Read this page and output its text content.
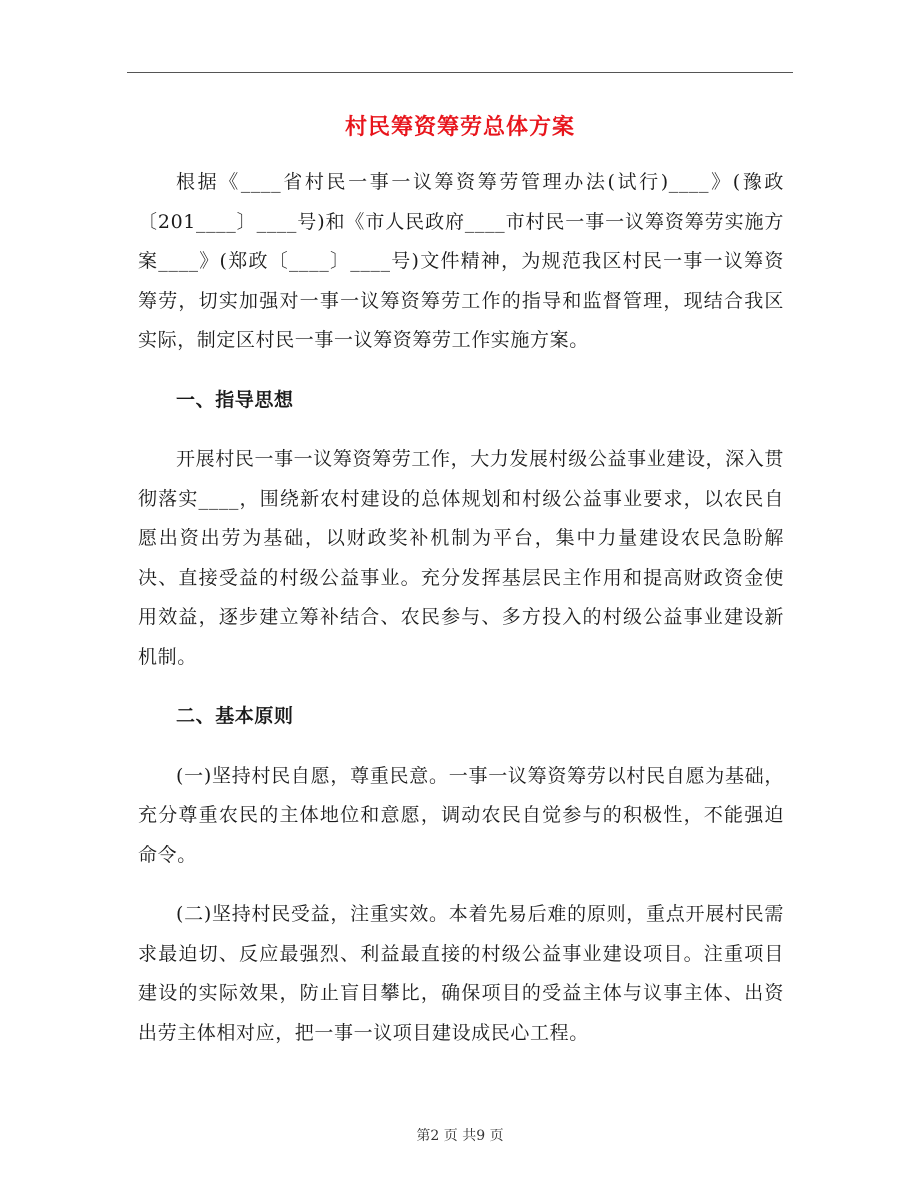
村民筹资筹劳总体方案

根据《____省村民一事一议筹资筹劳管理办法(试行)____》(豫政〔201____〕____号)和《市人民政府____市村民一事一议筹资筹劳实施方案____》(郑政〔____〕____号)文件精神，为规范我区村民一事一议筹资筹劳，切实加强对一事一议筹资筹劳工作的指导和监督管理，现结合我区实际，制定区村民一事一议筹资筹劳工作实施方案。

一、指导思想

开展村民一事一议筹资筹劳工作，大力发展村级公益事业建设，深入贯彻落实____，围绕新农村建设的总体规划和村级公益事业要求，以农民自愿出资出劳为基础，以财政奖补机制为平台，集中力量建设农民急盼解决、直接受益的村级公益事业。充分发挥基层民主作用和提高财政资金使用效益，逐步建立筹补结合、农民参与、多方投入的村级公益事业建设新机制。

二、基本原则

(一)坚持村民自愿，尊重民意。一事一议筹资筹劳以村民自愿为基础，充分尊重农民的主体地位和意愿，调动农民自觉参与的积极性，不能强迫命令。

(二)坚持村民受益，注重实效。本着先易后难的原则，重点开展村民需求最迫切、反应最强烈、利益最直接的村级公益事业建设项目。注重项目建设的实际效果，防止盲目攀比，确保项目的受益主体与议事主体、出资出劳主体相对应，把一事一议项目建设成民心工程。

第2 页 共9 页
